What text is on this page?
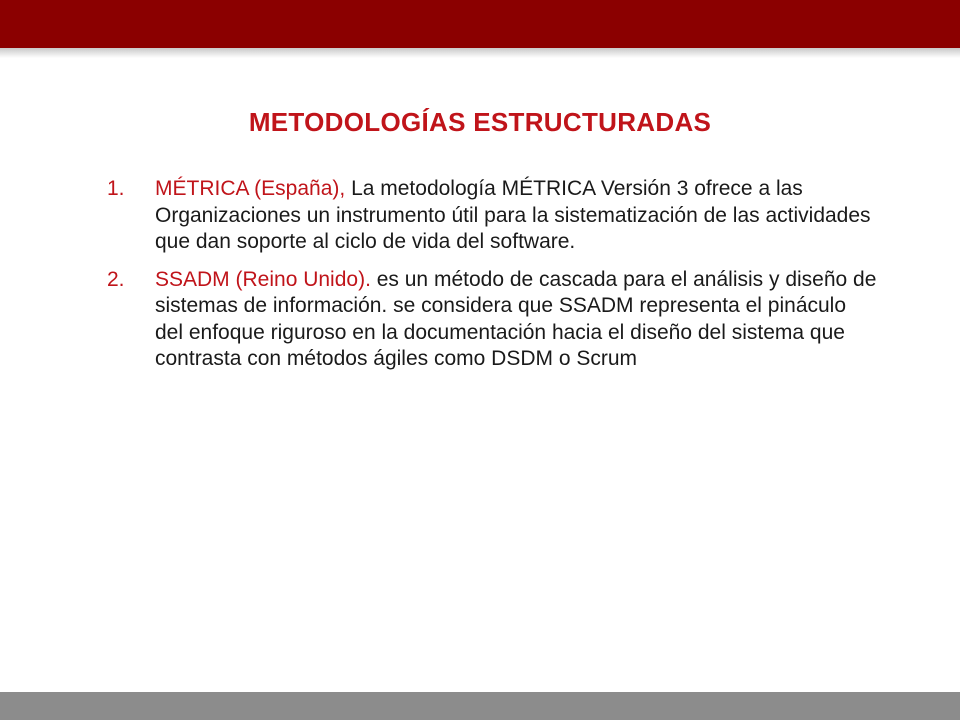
METODOLOGÍAS ESTRUCTURADAS
1. MÉTRICA (España), La metodología MÉTRICA Versión 3 ofrece a las Organizaciones un instrumento útil para la sistematización de las actividades que dan soporte al ciclo de vida del software.
2. SSADM (Reino Unido). es un método de cascada para el análisis y diseño de sistemas de información. se considera que SSADM representa el pináculo del enfoque riguroso en la documentación hacia el diseño del sistema que contrasta con métodos ágiles como DSDM o Scrum
